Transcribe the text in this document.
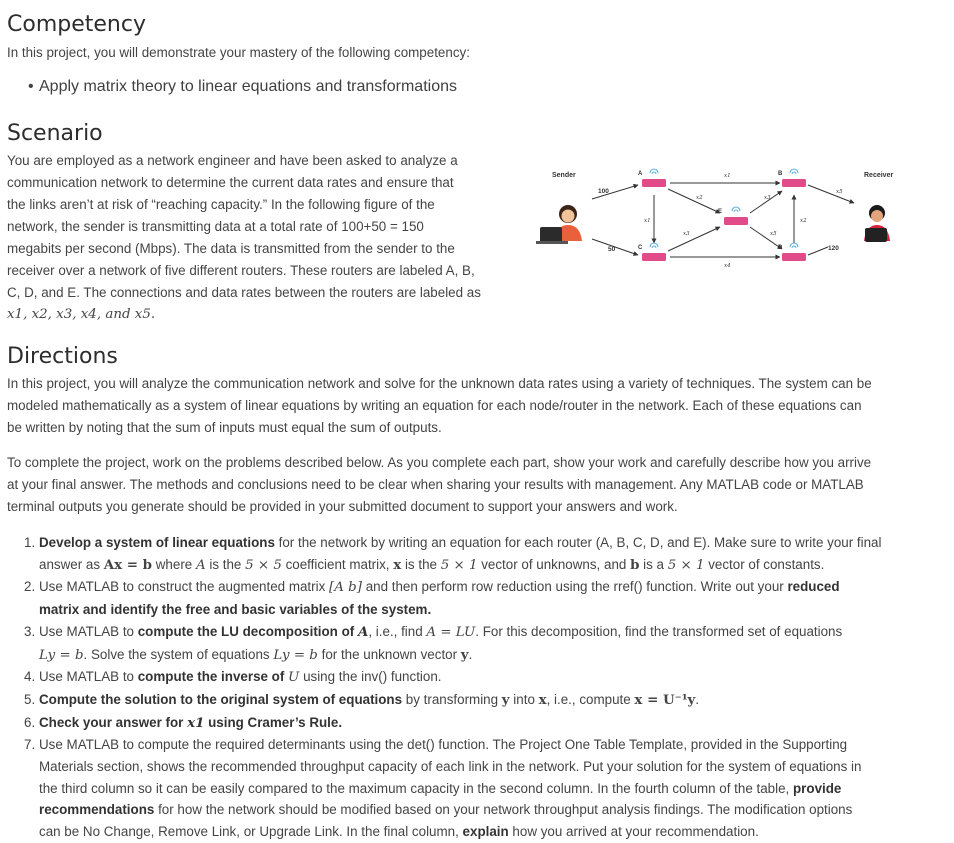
Competency

In this project, you will demonstrate your mastery of the following competency:

• Apply matrix theory to linear equations and transformations
Scenario

You are employed as a network engineer and have been asked to analyze a

communication network to determine the current data rates and ensure that

the links aren’t at risk of “reaching capacity.” In the following figure of the

network, the sender is transmitting data at a total rate of 100+50 = 150

megabits per second (Mbps). The data is transmitted from the sender to the

receiver over a network of five different routers. These routers are labeled A, B,

C, D, and E. The connections and data rates between the routers are labeled as

x1, x2, x3, x4, and x5.

Sender	Receiver
100
50	120
x1
x2
x1
x3
x4
x3
x2
x5
x5
A	B
C	D
E
Directions

In this project, you will analyze the communication network and solve for the unknown data rates using a variety of techniques. The system can be

modeled mathematically as a system of linear equations by writing an equation for each node/router in the network. Each of these equations can

be written by noting that the sum of inputs must equal the sum of outputs.

To complete the project, work on the problems described below. As you complete each part, show your work and carefully describe how you arrive

at your final answer. The methods and conclusions need to be clear when sharing your results with management. Any MATLAB code or MATLAB

terminal outputs you generate should be provided in your submitted document to support your answers and work.

1. Develop a system of linear equations for the network by writing an equation for each router (A, B, C, D, and E). Make sure to write your final
answer as Ax = b where A is the 5 × 5 coefficient matrix, x is the 5 × 1 vector of unknowns, and b is a 5 × 1 vector of constants.
2. Use MATLAB to construct the augmented matrix [A b] and then perform row reduction using the rref() function. Write out your reduced
matrix and identify the free and basic variables of the system.
3. Use MATLAB to compute the LU decomposition of A, i.e., find A = LU. For this decomposition, find the transformed set of equations
Ly = b. Solve the system of equations Ly = b for the unknown vector y.
4. Use MATLAB to compute the inverse of U using the inv() function.
5. Compute the solution to the original system of equations by transforming y into x, i.e., compute x = U⁻¹y.
6. Check your answer for x1 using Cramer’s Rule.
7. Use MATLAB to compute the required determinants using the det() function. The Project One Table Template, provided in the Supporting
Materials section, shows the recommended throughput capacity of each link in the network. Put your solution for the system of equations in
the third column so it can be easily compared to the maximum capacity in the second column. In the fourth column of the table, provide
recommendations for how the network should be modified based on your network throughput analysis findings. The modification options
can be No Change, Remove Link, or Upgrade Link. In the final column, explain how you arrived at your recommendation.
